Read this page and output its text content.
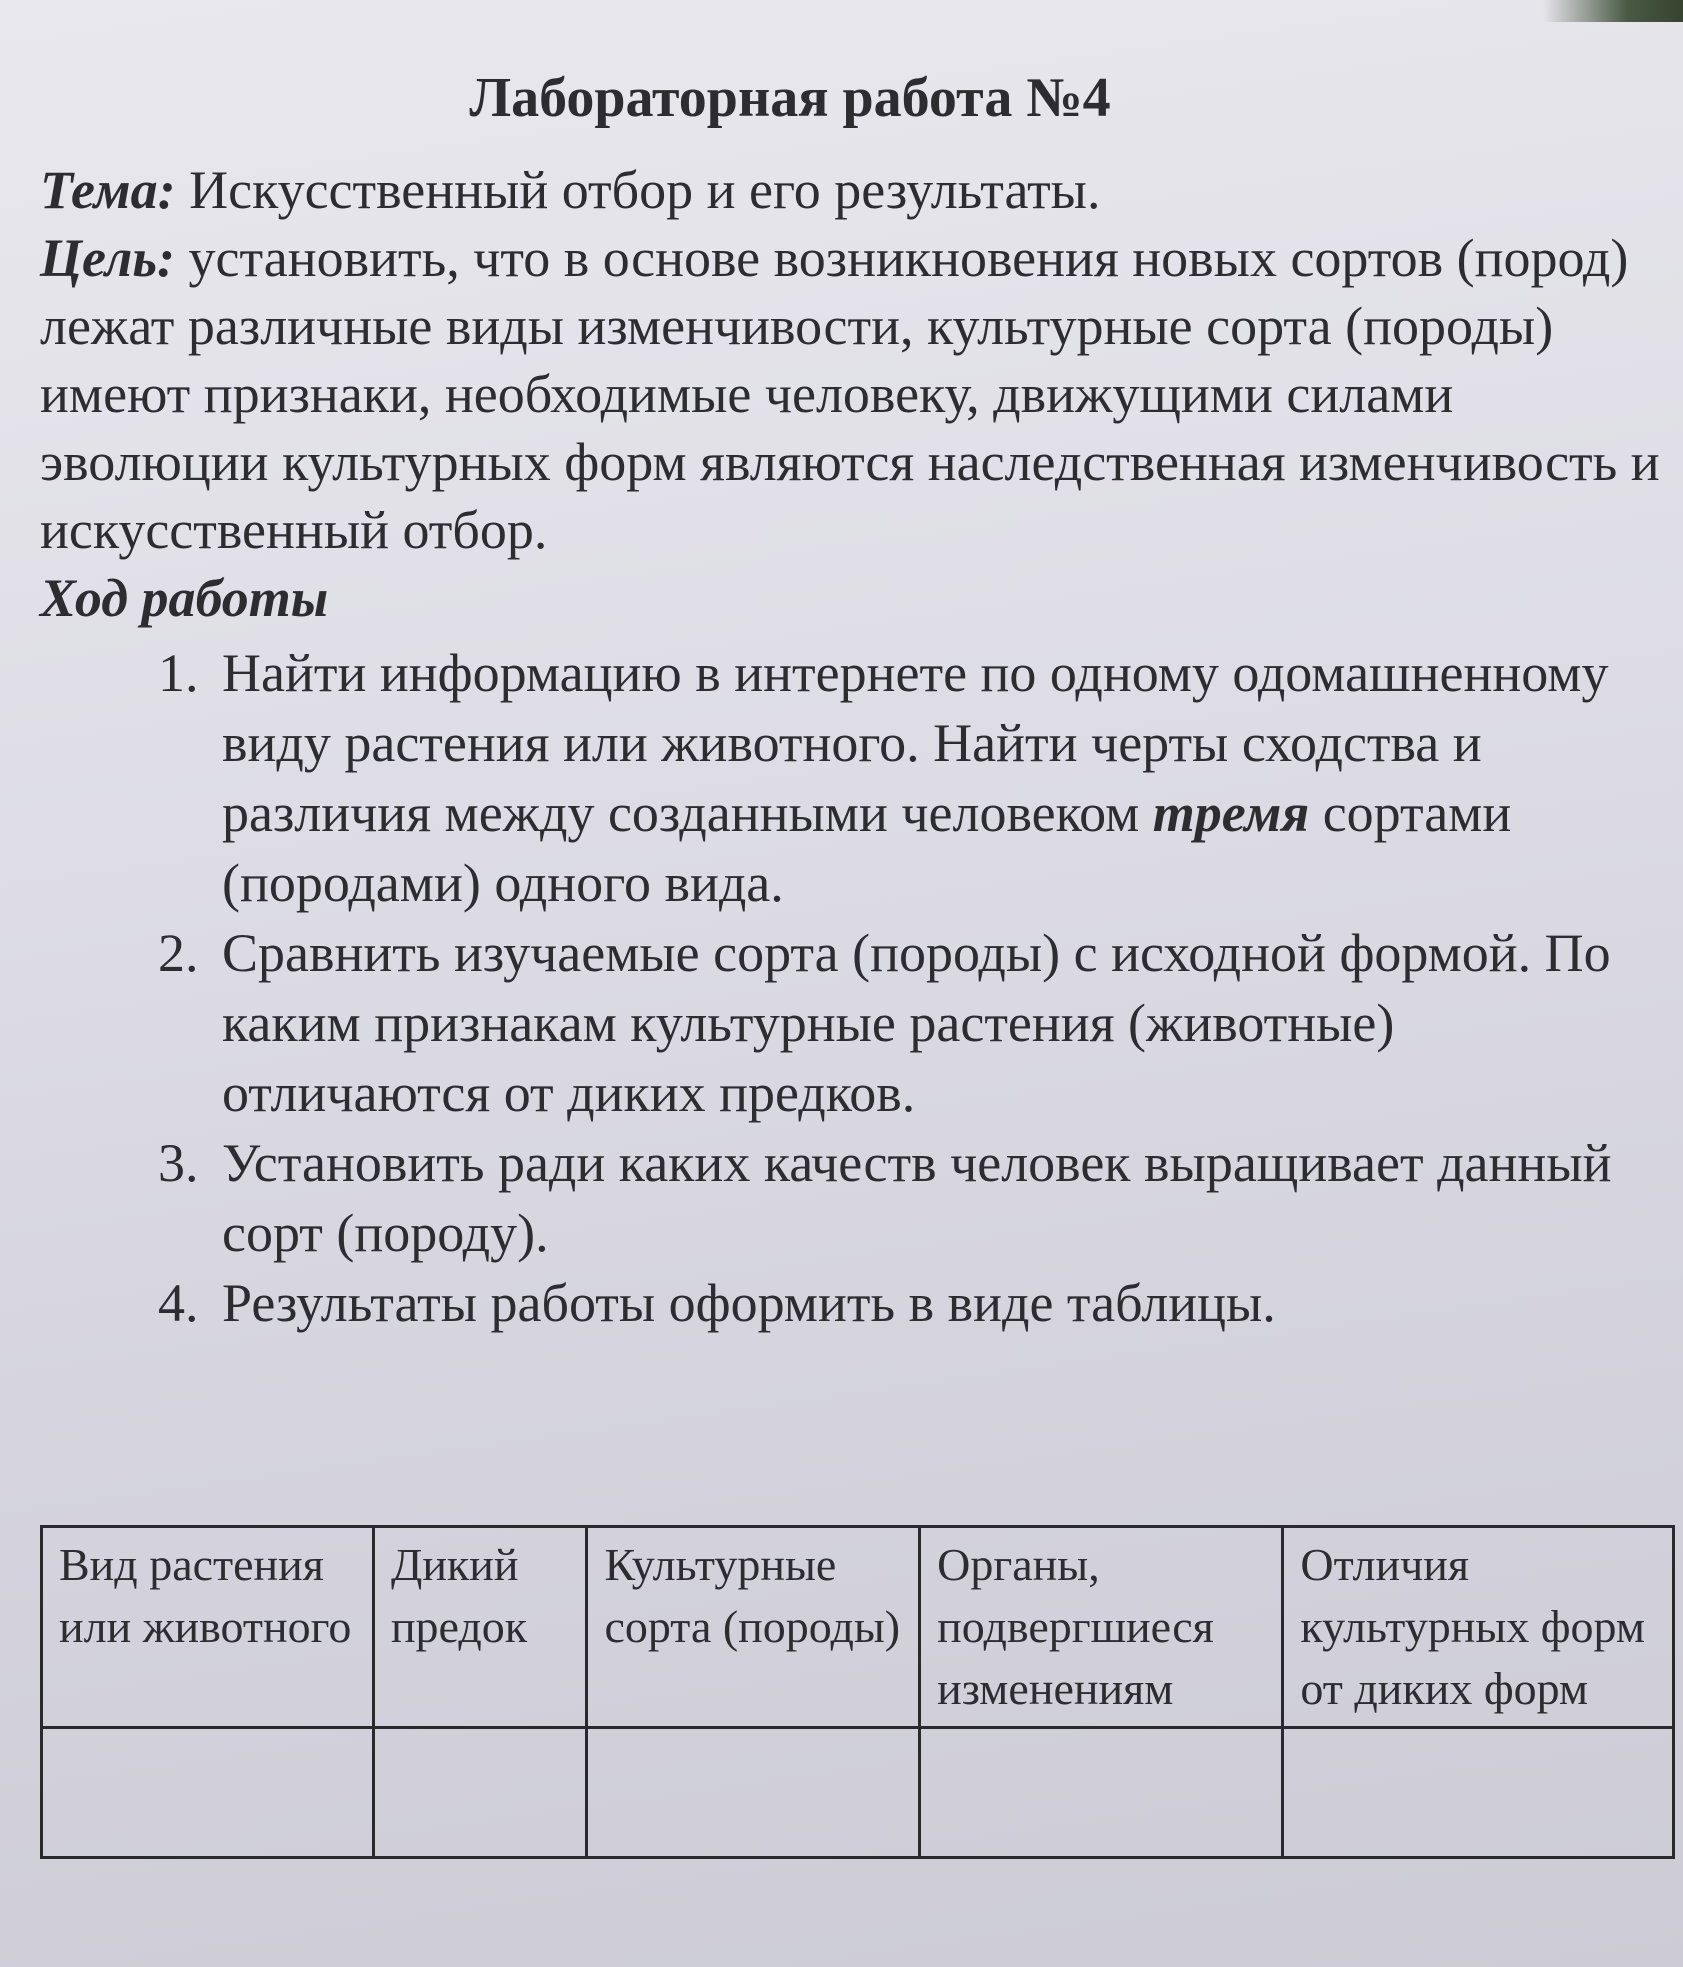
Лабораторная работа №4

Тема: Искусственный отбор и его результаты.

Цель: установить, что в основе возникновения новых сортов (пород) лежат различные виды изменчивости, культурные сорта (породы) имеют признаки, необходимые человеку, движущими силами эволюции культурных форм являются наследственная изменчивость и искусственный отбор.

Ход работы

1. Найти информацию в интернете по одному одомашненному виду растения или животного. Найти черты сходства и различия между созданными человеком тремя сортами (породами) одного вида.
2. Сравнить изучаемые сорта (породы) с исходной формой. По каким признакам культурные растения (животные) отличаются от диких предков.
3. Установить ради каких качеств человек выращивает данный сорт (породу).
4. Результаты работы оформить в виде таблицы.
Вид растения или животного	Дикий предок	Культурные сорта (породы)	Органы, подвергшиеся изменениям	Отличия культурных форм от диких форм
